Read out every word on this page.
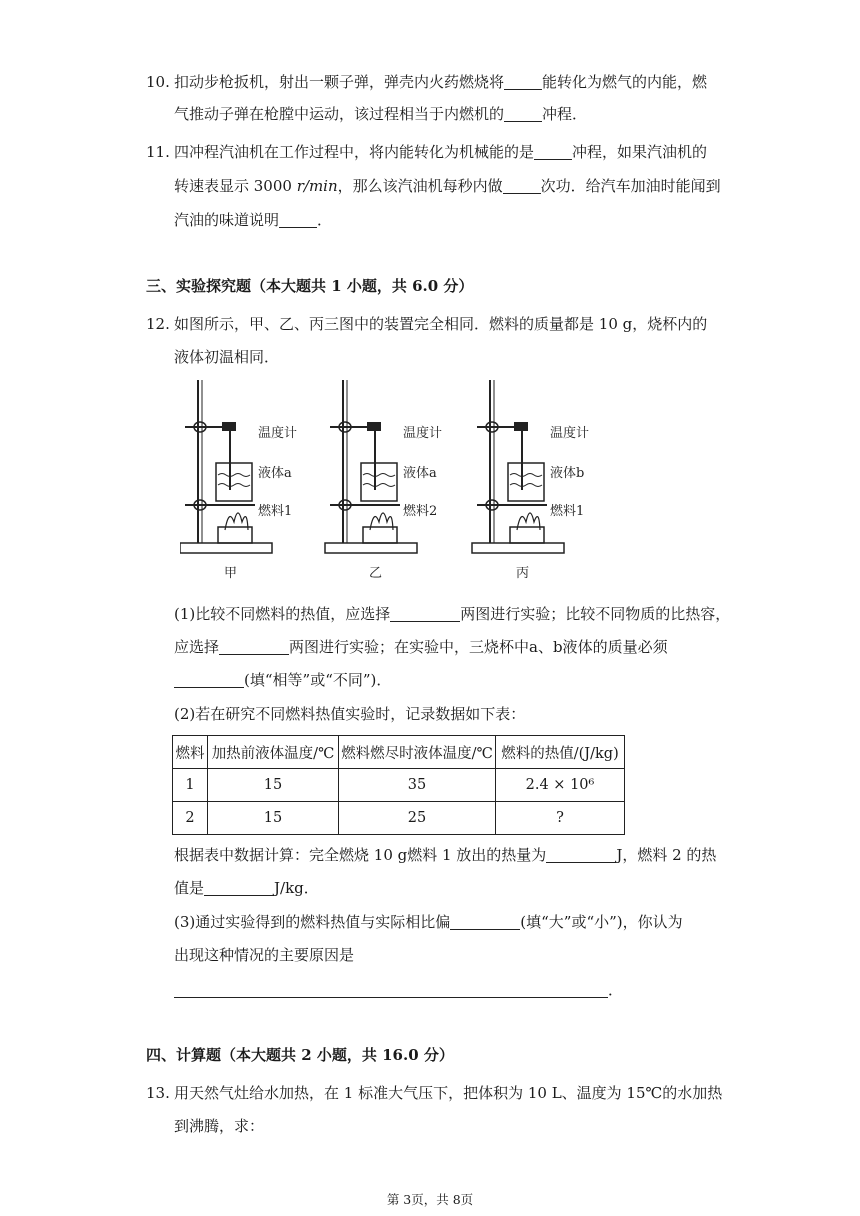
10. 扣动步枪扳机，射出一颗子弹，弹壳内火药燃烧将	能转化为燃气的内能，燃
气推动子弹在枪膛中运动，该过程相当于内燃机的	冲程．
11. 四冲程汽油机在工作过程中，将内能转化为机械能的是	冲程，如果汽油机的
转速表显示 3000 r/min，那么该汽油机每秒内做	次功．给汽车加油时能闻到
汽油的味道说明	．
三、实验探究题（本大题共 1 小题，共 6.0 分）
12. 如图所示，甲、乙、丙三图中的装置完全相同．燃料的质量都是 10 g，烧杯内的
液体初温相同．
温度计
液体a
燃料1
甲
温度计
液体a
燃料2
乙
温度计
液体b
燃料1
丙
(1)比较不同燃料的热值，应选择	两图进行实验；比较不同物质的比热容，
应选择	两图进行实验；在实验中，三烧杯中a、b液体的质量必须
(填“相等”或“不同”)．
(2)若在研究不同燃料热值实验时，记录数据如下表：
燃料	加热前液体温度/℃	燃料燃尽时液体温度/℃	燃料的热值/(J/kg)
1	15	35	2.4 × 10⁶
2	15	25	?
根据表中数据计算：完全燃烧 10 g燃料 1 放出的热量为	J，燃料 2 的热
值是	J/kg．
(3)通过实验得到的燃料热值与实际相比偏	(填“大”或“小”)，你认为
出现这种情况的主要原因是
．
四、计算题（本大题共 2 小题，共 16.0 分）
13. 用天然气灶给水加热，在 1 标准大气压下，把体积为 10 L、温度为 15℃的水加热
到沸腾，求：
第 3页，共 8页
